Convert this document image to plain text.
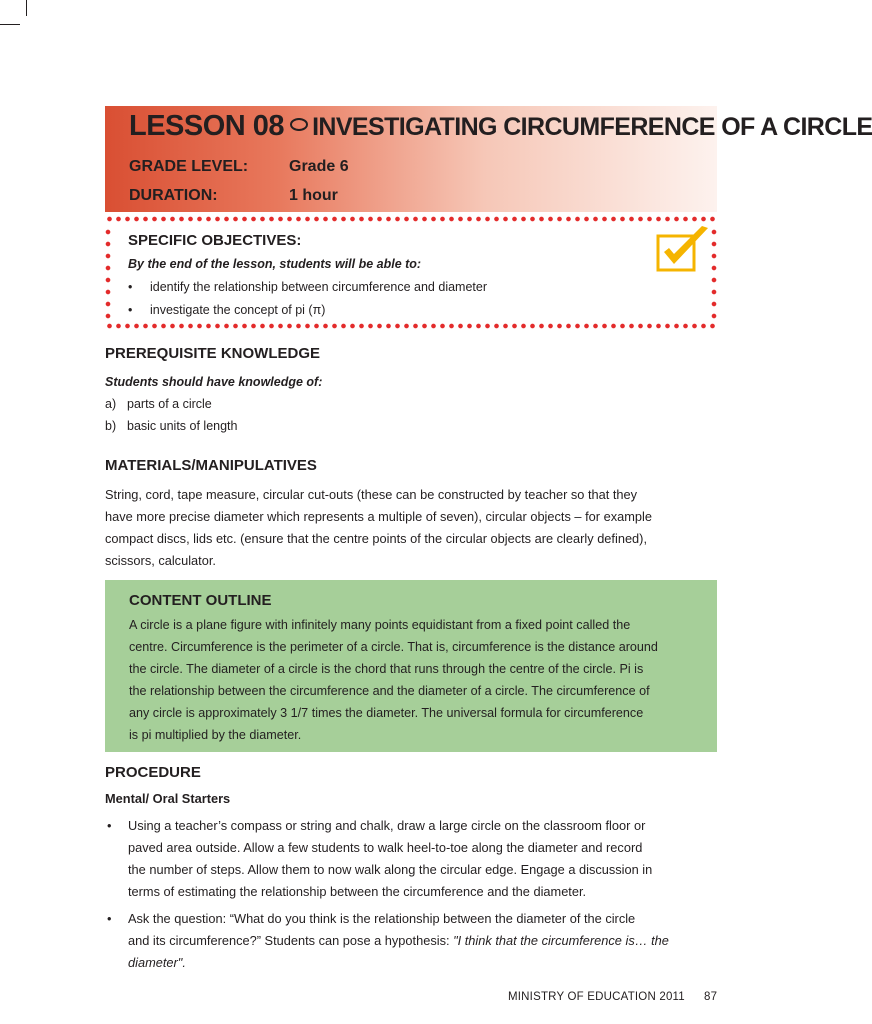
LESSON 08 INVESTIGATING CIRCUMFERENCE OF A CIRCLE
GRADE LEVEL:	Grade 6
DURATION:	1 hour
SPECIFIC OBJECTIVES:
By the end of the lesson, students will be able to:
• identify the relationship between circumference and diameter
• investigate the concept of pi (π)
PREREQUISITE KNOWLEDGE
Students should have knowledge of:
a) parts of a circle
b) basic units of length
MATERIALS/MANIPULATIVES
String, cord, tape measure, circular cut-outs (these can be constructed by teacher so that they
have more precise diameter which represents a multiple of seven), circular objects – for example
compact discs, lids etc. (ensure that the centre points of the circular objects are clearly defined),
scissors, calculator.
CONTENT OUTLINE
A circle is a plane figure with infinitely many points equidistant from a fixed point called the
centre. Circumference is the perimeter of a circle. That is, circumference is the distance around
the circle. The diameter of a circle is the chord that runs through the centre of the circle. Pi is
the relationship between the circumference and the diameter of a circle. The circumference of
any circle is approximately 3 1/7 times the diameter. The universal formula for circumference
is pi multiplied by the diameter.
PROCEDURE
Mental/ Oral Starters
• Using a teacher’s compass or string and chalk, draw a large circle on the classroom floor or
paved area outside. Allow a few students to walk heel-to-toe along the diameter and record
the number of steps. Allow them to now walk along the circular edge. Engage a discussion in
terms of estimating the relationship between the circumference and the diameter.
• Ask the question: “What do you think is the relationship between the diameter of the circle
and its circumference?” Students can pose a hypothesis: "I think that the circumference is… the
diameter".
MINISTRY OF EDUCATION 2011 87
